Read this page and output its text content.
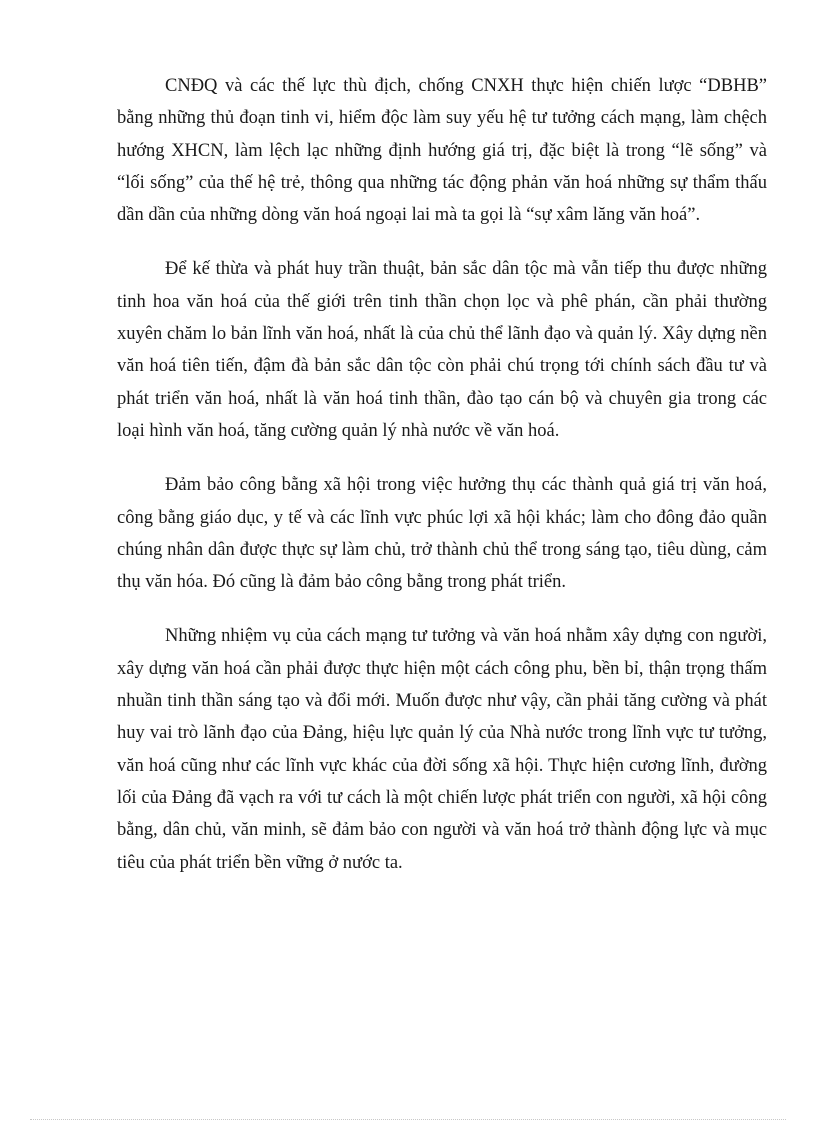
CNĐQ và các thế lực thù địch, chống CNXH thực hiện chiến lược “DBHB” bằng những thủ đoạn tinh vi, hiểm độc làm suy yếu hệ tư tưởng cách mạng, làm chệch hướng XHCN, làm lệch lạc những định hướng giá trị, đặc biệt là trong “lẽ sống” và “lối sống” của thế hệ trẻ, thông qua những tác động phản văn hoá những sự thẩm thấu dần dần của những dòng văn hoá ngoại lai mà ta gọi là “sự xâm lăng văn hoá”.

Để kế thừa và phát huy trần thuật, bản sắc dân tộc mà vẫn tiếp thu được những tinh hoa văn hoá của thế giới trên tinh thần chọn lọc và phê phán, cần phải thường xuyên chăm lo bản lĩnh văn hoá, nhất là của chủ thể lãnh đạo và quản lý. Xây dựng nền văn hoá tiên tiến, đậm đà bản sắc dân tộc còn phải chú trọng tới chính sách đầu tư và phát triển văn hoá, nhất là văn hoá tinh thần, đào tạo cán bộ và chuyên gia trong các loại hình văn hoá, tăng cường quản lý nhà nước về văn hoá.

Đảm bảo công bằng xã hội trong việc hưởng thụ các thành quả giá trị văn hoá, công bằng giáo dục, y tế và các lĩnh vực phúc lợi xã hội khác; làm cho đông đảo quần chúng nhân dân được thực sự làm chủ, trở thành chủ thể trong sáng tạo, tiêu dùng, cảm thụ văn hóa. Đó cũng là đảm bảo công bằng trong phát triển.

Những nhiệm vụ của cách mạng tư tưởng và văn hoá nhằm xây dựng con người, xây dựng văn hoá cần phải được thực hiện một cách công phu, bền bỉ, thận trọng thấm nhuần tinh thần sáng tạo và đổi mới. Muốn được như vậy, cần phải tăng cường và phát huy vai trò lãnh đạo của Đảng, hiệu lực quản lý của Nhà nước trong lĩnh vực tư tưởng, văn hoá cũng như các lĩnh vực khác của đời sống xã hội. Thực hiện cương lĩnh, đường lối của Đảng đã vạch ra với tư cách là một chiến lược phát triển con người, xã hội công bằng, dân chủ, văn minh, sẽ đảm bảo con người và văn hoá trở thành động lực và mục tiêu của phát triển bền vững ở nước ta.
